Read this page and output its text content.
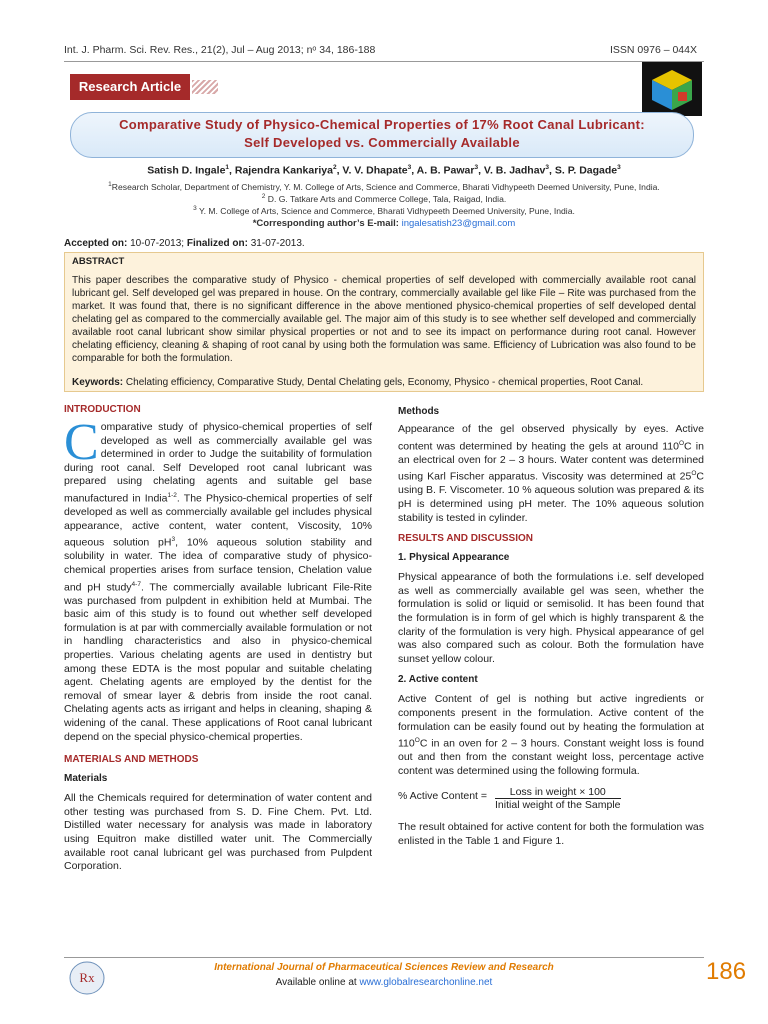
Int. J. Pharm. Sci. Rev. Res., 21(2), Jul – Aug 2013; nᵒ 34, 186-188	ISSN 0976 – 044X
Research Article
Comparative Study of Physico-Chemical Properties of 17% Root Canal Lubricant:
Self Developed vs. Commercially Available
Satish D. Ingale$^1$, Rajendra Kankariya$^2$, V. V. Dhapate$^3$, A. B. Pawar$^3$, V. B. Jadhav$^3$, S. P. Dagade$^3$
$^1$Research Scholar, Department of Chemistry, Y. M. College of Arts, Science and Commerce, Bharati Vidhypeeth Deemed University, Pune, India.
$^2$ D. G. Tatkare Arts and Commerce College, Tala, Raigad, India.
$^3$ Y. M. College of Arts, Science and Commerce, Bharati Vidhypeeth Deemed University, Pune, India.
*Corresponding author’s E-mail: ingalesatish23@gmail.com
Accepted on: 10-07-2013; Finalized on: 31-07-2013.
ABSTRACT
This paper describes the comparative study of Physico - chemical properties of self developed with commercially available root canal lubricant gel. Self developed gel was prepared in house. On the contrary, commercially available gel like File – Rite was purchased from the market. It was found that, there is no significant difference in the above mentioned physico-chemical properties of self developed dental chelating gel as compared to the commercially available gel. The major aim of this study is to see whether self developed and commercially available root canal lubricant show similar physical properties or not and to see its impact on performance during root canal. However chelating efficiency, cleaning & shaping of root canal by using both the formulation was same. Efficiency of Lubrication was also found to be comparable for both the formulation.
Keywords: Chelating efficiency, Comparative Study, Dental Chelating gels, Economy, Physico - chemical properties, Root Canal.
INTRODUCTION
Comparative study of physico-chemical properties of self developed as well as commercially available gel was determined in order to Judge the suitability of formulation during root canal. Self Developed root canal lubricant was prepared using chelating agents and suitable gel base manufactured in India$^{1-2}$. The Physico-chemical properties of self developed as well as commercially available gel includes physical appearance, active content, water content, Viscosity, 10% aqueous solution $pH^3$, 10% aqueous solution stability and solubility in water. The idea of comparative study of physico-chemical properties arises from surface tension, Chelation value and pH study$^{4-7}$. The commercially available lubricant File-Rite was purchased from pulpdent in exhibition held at Mumbai. The basic aim of this study is to found out whether self developed formulation is at par with commercially available formulation or not in handling characteristics and also in physico-chemical properties. Various chelating agents are used in dentistry but among these EDTA is the most popular and suitable chelating agent. Chelating agents are employed by the dentist for the removal of smear layer & debris from inside the root canal. Chelating agents acts as irrigant and helps in cleaning, shaping & widening of the canal. These applications of Root canal lubricant depend on the special physico-chemical properties.
MATERIALS AND METHODS
Materials
All the Chemicals required for determination of water content and other testing was purchased from S. D. Fine Chem. Pvt. Ltd. Distilled water necessary for analysis was made in laboratory using Equitron make distilled water unit. The Commercially available root canal lubricant gel was purchased from Pulpdent Corporation.
Methods
Appearance of the gel observed physically by eyes. Active content was determined by heating the gels at around $110^OC$ in an electrical oven for 2 – 3 hours. Water content was determined using Karl Fischer apparatus. Viscosity was determined at $25^OC$ using B. F. Viscometer. 10 % aqueous solution was prepared & its pH is determined using pH meter. The 10% aqueous solution stability is tested in cylinder.
RESULTS AND DISCUSSION
1. Physical Appearance
Physical appearance of both the formulations i.e. self developed as well as commercially available gel was seen, whether the formulation is solid or liquid or semisolid. It has been found that the formulation is in form of gel which is highly transparent & the clarity of the formulation is very high. Physical appearance of gel was also compared such as colour. Both the formulation have sunset yellow colour.
2. Active content
Active Content of gel is nothing but active ingredients or components present in the formulation. Active content of the formulation can be easily found out by heating the formulation at $110^OC$ in an oven for 2 – 3 hours. Constant weight loss is found out and then from the constant weight loss, percentage active content was determined using the following formula.
% Active Content =	Loss in weight × 100
Initial weight of the Sample
The result obtained for active content for both the formulation was enlisted in the Table 1 and Figure 1.
Rx
International Journal of Pharmaceutical Sciences Review and Research
Available online at www.globalresearchonline.net	186
